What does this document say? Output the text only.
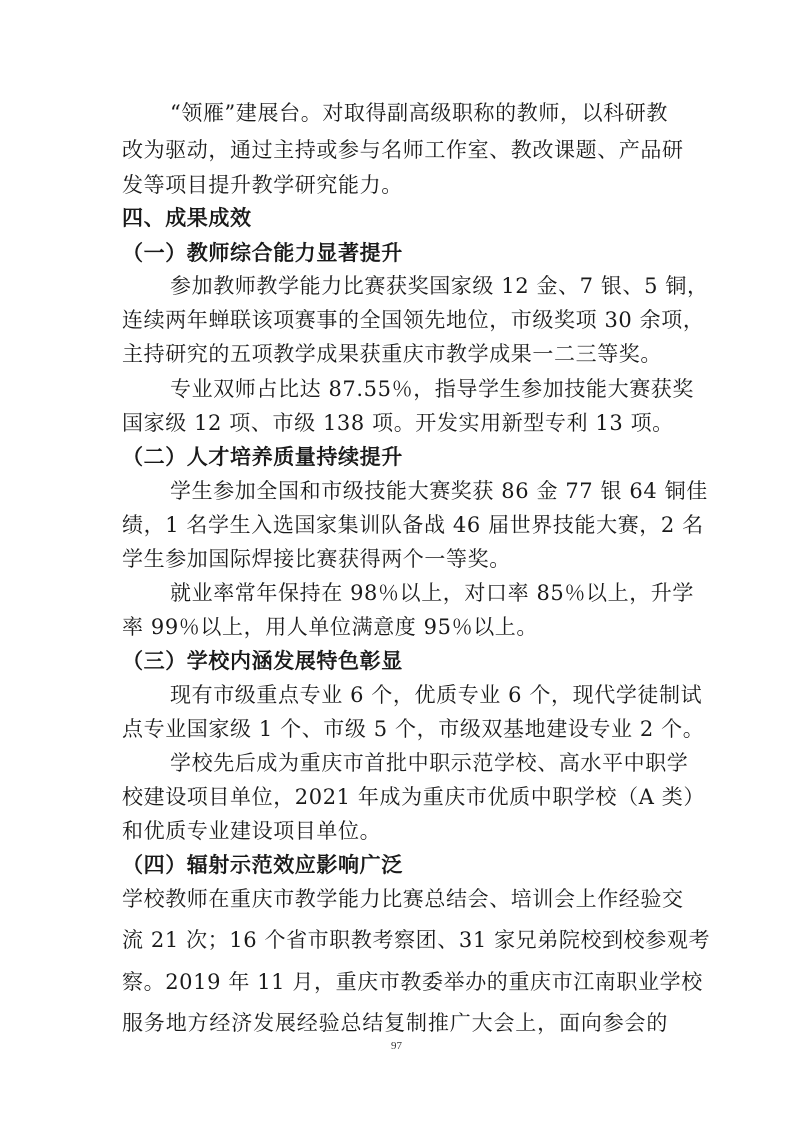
“领雁”建展台。对取得副高级职称的教师，以科研教
改为驱动，通过主持或参与名师工作室、教改课题、产品研
发等项目提升教学研究能力。
四、成果成效
（一）教师综合能力显著提升
参加教师教学能力比赛获奖国家级 12 金、7 银、5 铜，
连续两年蝉联该项赛事的全国领先地位，市级奖项 30 余项，
主持研究的五项教学成果获重庆市教学成果一二三等奖。
专业双师占比达 87.55％，指导学生参加技能大赛获奖
国家级 12 项、市级 138 项。开发实用新型专利 13 项。
（二）人才培养质量持续提升
学生参加全国和市级技能大赛奖获 86 金 77 银 64 铜佳
绩，1 名学生入选国家集训队备战 46 届世界技能大赛，2 名
学生参加国际焊接比赛获得两个一等奖。
就业率常年保持在 98％以上，对口率 85％以上，升学
率 99％以上，用人单位满意度 95％以上。
（三）学校内涵发展特色彰显
现有市级重点专业 6 个，优质专业 6 个，现代学徒制试
点专业国家级 1 个、市级 5 个，市级双基地建设专业 2 个。
学校先后成为重庆市首批中职示范学校、高水平中职学
校建设项目单位，2021 年成为重庆市优质中职学校（A 类）
和优质专业建设项目单位。
（四）辐射示范效应影响广泛
学校教师在重庆市教学能力比赛总结会、培训会上作经验交
流 21 次；16 个省市职教考察团、31 家兄弟院校到校参观考
察。2019 年 11 月，重庆市教委举办的重庆市江南职业学校
服务地方经济发展经验总结复制推广大会上，面向参会的
97
